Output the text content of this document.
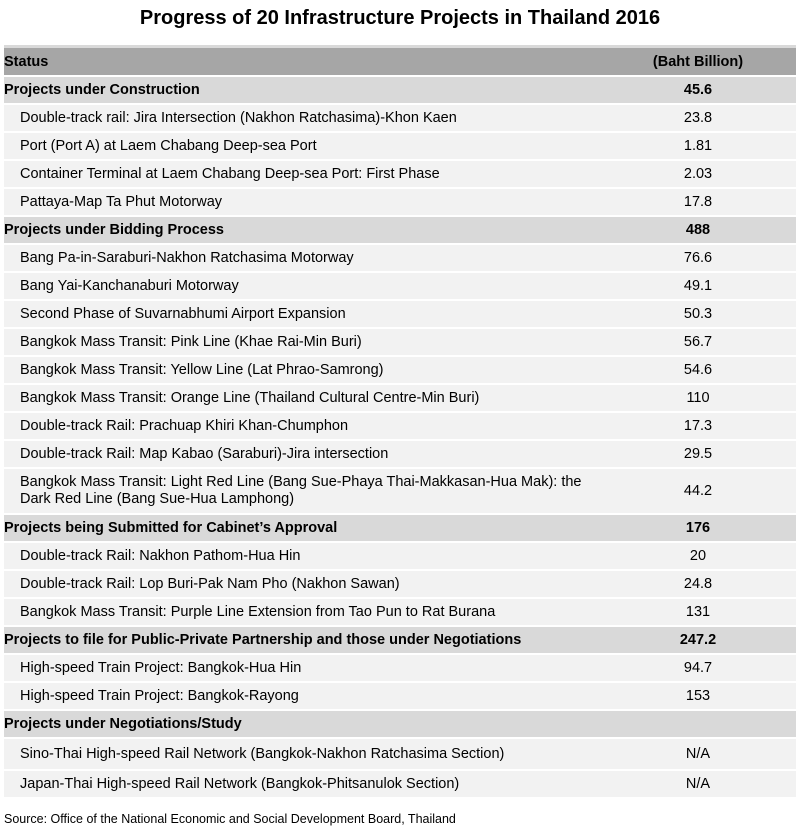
Progress of 20 Infrastructure Projects in Thailand 2016
Status	(Baht Billion)
Projects under Construction	45.6
Double-track rail: Jira Intersection (Nakhon Ratchasima)-Khon Kaen	23.8
Port (Port A) at Laem Chabang Deep-sea Port	1.81
Container Terminal at Laem Chabang Deep-sea Port: First Phase	2.03
Pattaya-Map Ta Phut Motorway	17.8
Projects under Bidding Process	488
Bang Pa-in-Saraburi-Nakhon Ratchasima Motorway	76.6
Bang Yai-Kanchanaburi Motorway	49.1
Second Phase of Suvarnabhumi Airport Expansion	50.3
Bangkok Mass Transit: Pink Line (Khae Rai-Min Buri)	56.7
Bangkok Mass Transit: Yellow Line (Lat Phrao-Samrong)	54.6
Bangkok Mass Transit: Orange Line (Thailand Cultural Centre-Min Buri)	110
Double-track Rail: Prachuap Khiri Khan-Chumphon	17.3
Double-track Rail: Map Kabao (Saraburi)-Jira intersection	29.5
Bangkok Mass Transit: Light Red Line (Bang Sue-Phaya Thai-Makkasan-Hua Mak): the Dark Red Line (Bang Sue-Hua Lamphong)	44.2
Projects being Submitted for Cabinet’s Approval	176
Double-track Rail: Nakhon Pathom-Hua Hin	20
Double-track Rail: Lop Buri-Pak Nam Pho (Nakhon Sawan)	24.8
Bangkok Mass Transit: Purple Line Extension from Tao Pun to Rat Burana	131
Projects to file for Public-Private Partnership and those under Negotiations	247.2
High-speed Train Project: Bangkok-Hua Hin	94.7
High-speed Train Project: Bangkok-Rayong	153
Projects under Negotiations/Study	
Sino-Thai High-speed Rail Network (Bangkok-Nakhon Ratchasima Section)	N/A
Japan-Thai High-speed Rail Network (Bangkok-Phitsanulok Section)	N/A
Source: Office of the National Economic and Social Development Board, Thailand
